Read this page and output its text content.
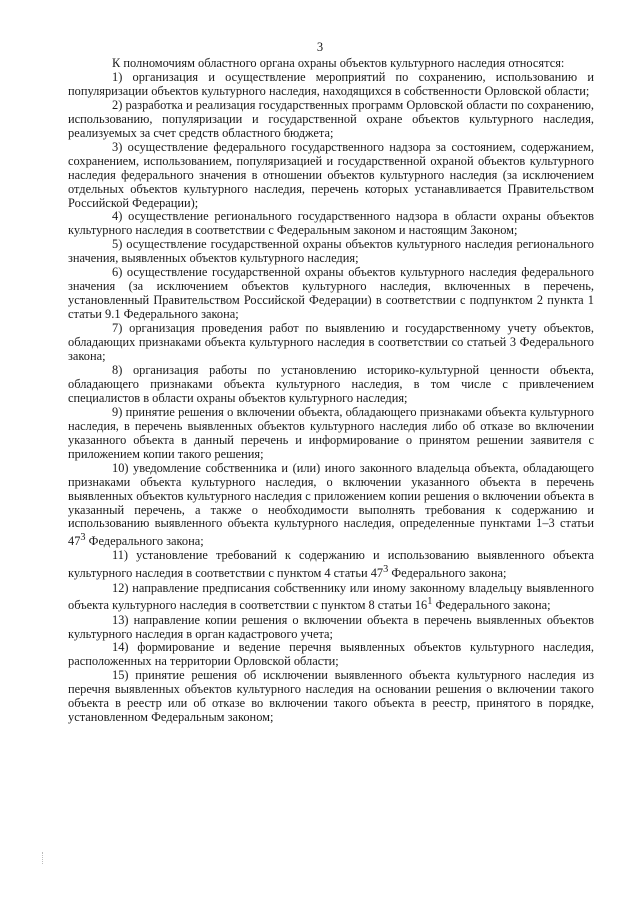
3

К полномочиям областного органа охраны объектов культурного наследия относятся:

1) организация и осуществление мероприятий по сохранению, использованию и популяризации объектов культурного наследия, находящихся в собственности Орловской области;

2) разработка и реализация государственных программ Орловской области по сохранению, использованию, популяризации и государственной охране объектов культурного наследия, реализуемых за счет средств областного бюджета;

3) осуществление федерального государственного надзора за состоянием, содержанием, сохранением, использованием, популяризацией и государственной охраной объектов культурного наследия федерального значения в отношении объектов культурного наследия (за исключением отдельных объектов культурного наследия, перечень которых устанавливается Правительством Российской Федерации);

4) осуществление регионального государственного надзора в области охраны объектов культурного наследия в соответствии с Федеральным законом и настоящим Законом;

5) осуществление государственной охраны объектов культурного наследия регионального значения, выявленных объектов культурного наследия;

6) осуществление государственной охраны объектов культурного наследия федерального значения (за исключением объектов культурного наследия, включенных в перечень, установленный Правительством Российской Федерации) в соответствии с подпунктом 2 пункта 1 статьи 9.1 Федерального закона;

7) организация проведения работ по выявлению и государственному учету объектов, обладающих признаками объекта культурного наследия в соответствии со статьей 3 Федерального закона;

8) организация работы по установлению историко-культурной ценности объекта, обладающего признаками объекта культурного наследия, в том числе с привлечением специалистов в области охраны объектов культурного наследия;

9) принятие решения о включении объекта, обладающего признаками объекта культурного наследия, в перечень выявленных объектов культурного наследия либо об отказе во включении указанного объекта в данный перечень и информирование о принятом решении заявителя с приложением копии такого решения;

10) уведомление собственника и (или) иного законного владельца объекта, обладающего признаками объекта культурного наследия, о включении указанного объекта в перечень выявленных объектов культурного наследия с приложением копии решения о включении объекта в указанный перечень, а также о необходимости выполнять требования к содержанию и использованию выявленного объекта культурного наследия, определенные пунктами 1–3 статьи $47^3$ Федерального закона;

11) установление требований к содержанию и использованию выявленного объекта культурного наследия в соответствии с пунктом 4 статьи $47^3$ Федерального закона;

12) направление предписания собственнику или иному законному владельцу выявленного объекта культурного наследия в соответствии с пунктом 8 статьи $16^1$ Федерального закона;

13) направление копии решения о включении объекта в перечень выявленных объектов культурного наследия в орган кадастрового учета;

14) формирование и ведение перечня выявленных объектов культурного наследия, расположенных на территории Орловской области;

15) принятие решения об исключении выявленного объекта культурного наследия из перечня выявленных объектов культурного наследия на основании решения о включении такого объекта в реестр или об отказе во включении такого объекта в реестр, принятого в порядке, установленном Федеральным законом;
